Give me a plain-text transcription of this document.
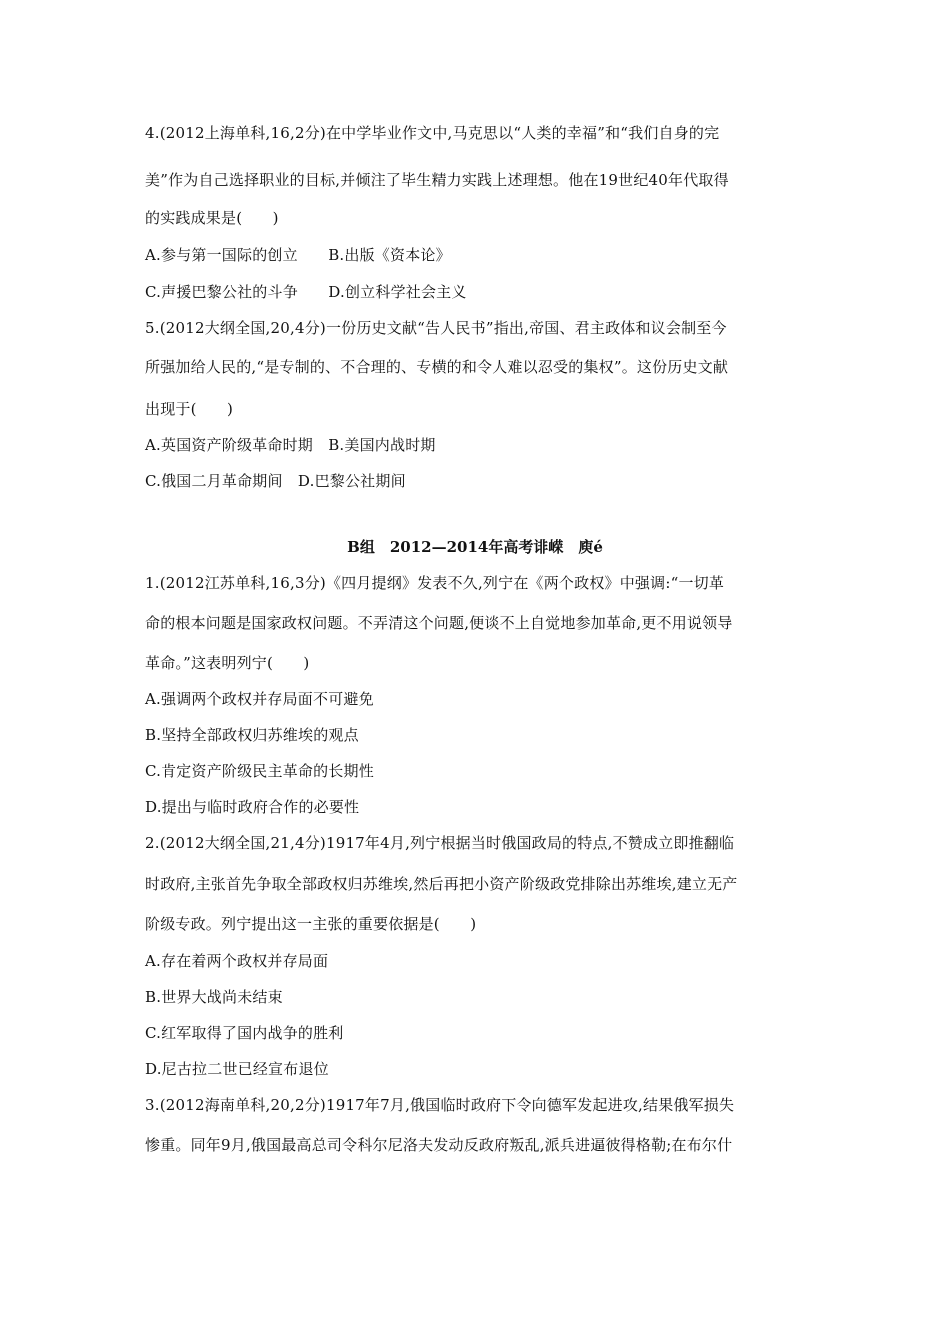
4.(2012上海单科,16,2分)在中学毕业作文中,马克思以“人类的幸福”和“我们自身的完
美”作为自己选择职业的目标,并倾注了毕生精力实践上述理想。他在19世纪40年代取得
的实践成果是(　　)
A.参与第一国际的创立　　B.出版《资本论》
C.声援巴黎公社的斗争　　D.创立科学社会主义
5.(2012大纲全国,20,4分)一份历史文献“告人民书”指出,帝国、君主政体和议会制至今
所强加给人民的,“是专制的、不合理的、专横的和令人难以忍受的集权”。这份历史文献
出现于(　　)
A.英国资产阶级革命时期　B.美国内战时期
C.俄国二月革命期间　D.巴黎公社期间
B组　2012—2014年高考诽嵘　庾é
1.(2012江苏单科,16,3分)《四月提纲》发表不久,列宁在《两个政权》中强调:“一切革
命的根本问题是国家政权问题。不弄清这个问题,便谈不上自觉地参加革命,更不用说领导
革命。”这表明列宁(　　)
A.强调两个政权并存局面不可避免
B.坚持全部政权归苏维埃的观点
C.肯定资产阶级民主革命的长期性
D.提出与临时政府合作的必要性
2.(2012大纲全国,21,4分)1917年4月,列宁根据当时俄国政局的特点,不赞成立即推翻临
时政府,主张首先争取全部政权归苏维埃,然后再把小资产阶级政党排除出苏维埃,建立无产
阶级专政。列宁提出这一主张的重要依据是(　　)
A.存在着两个政权并存局面
B.世界大战尚未结束
C.红军取得了国内战争的胜利
D.尼古拉二世已经宣布退位
3.(2012海南单科,20,2分)1917年7月,俄国临时政府下令向德军发起进攻,结果俄军损失
惨重。同年9月,俄国最高总司令科尔尼洛夫发动反政府叛乱,派兵进逼彼得格勒;在布尔什
